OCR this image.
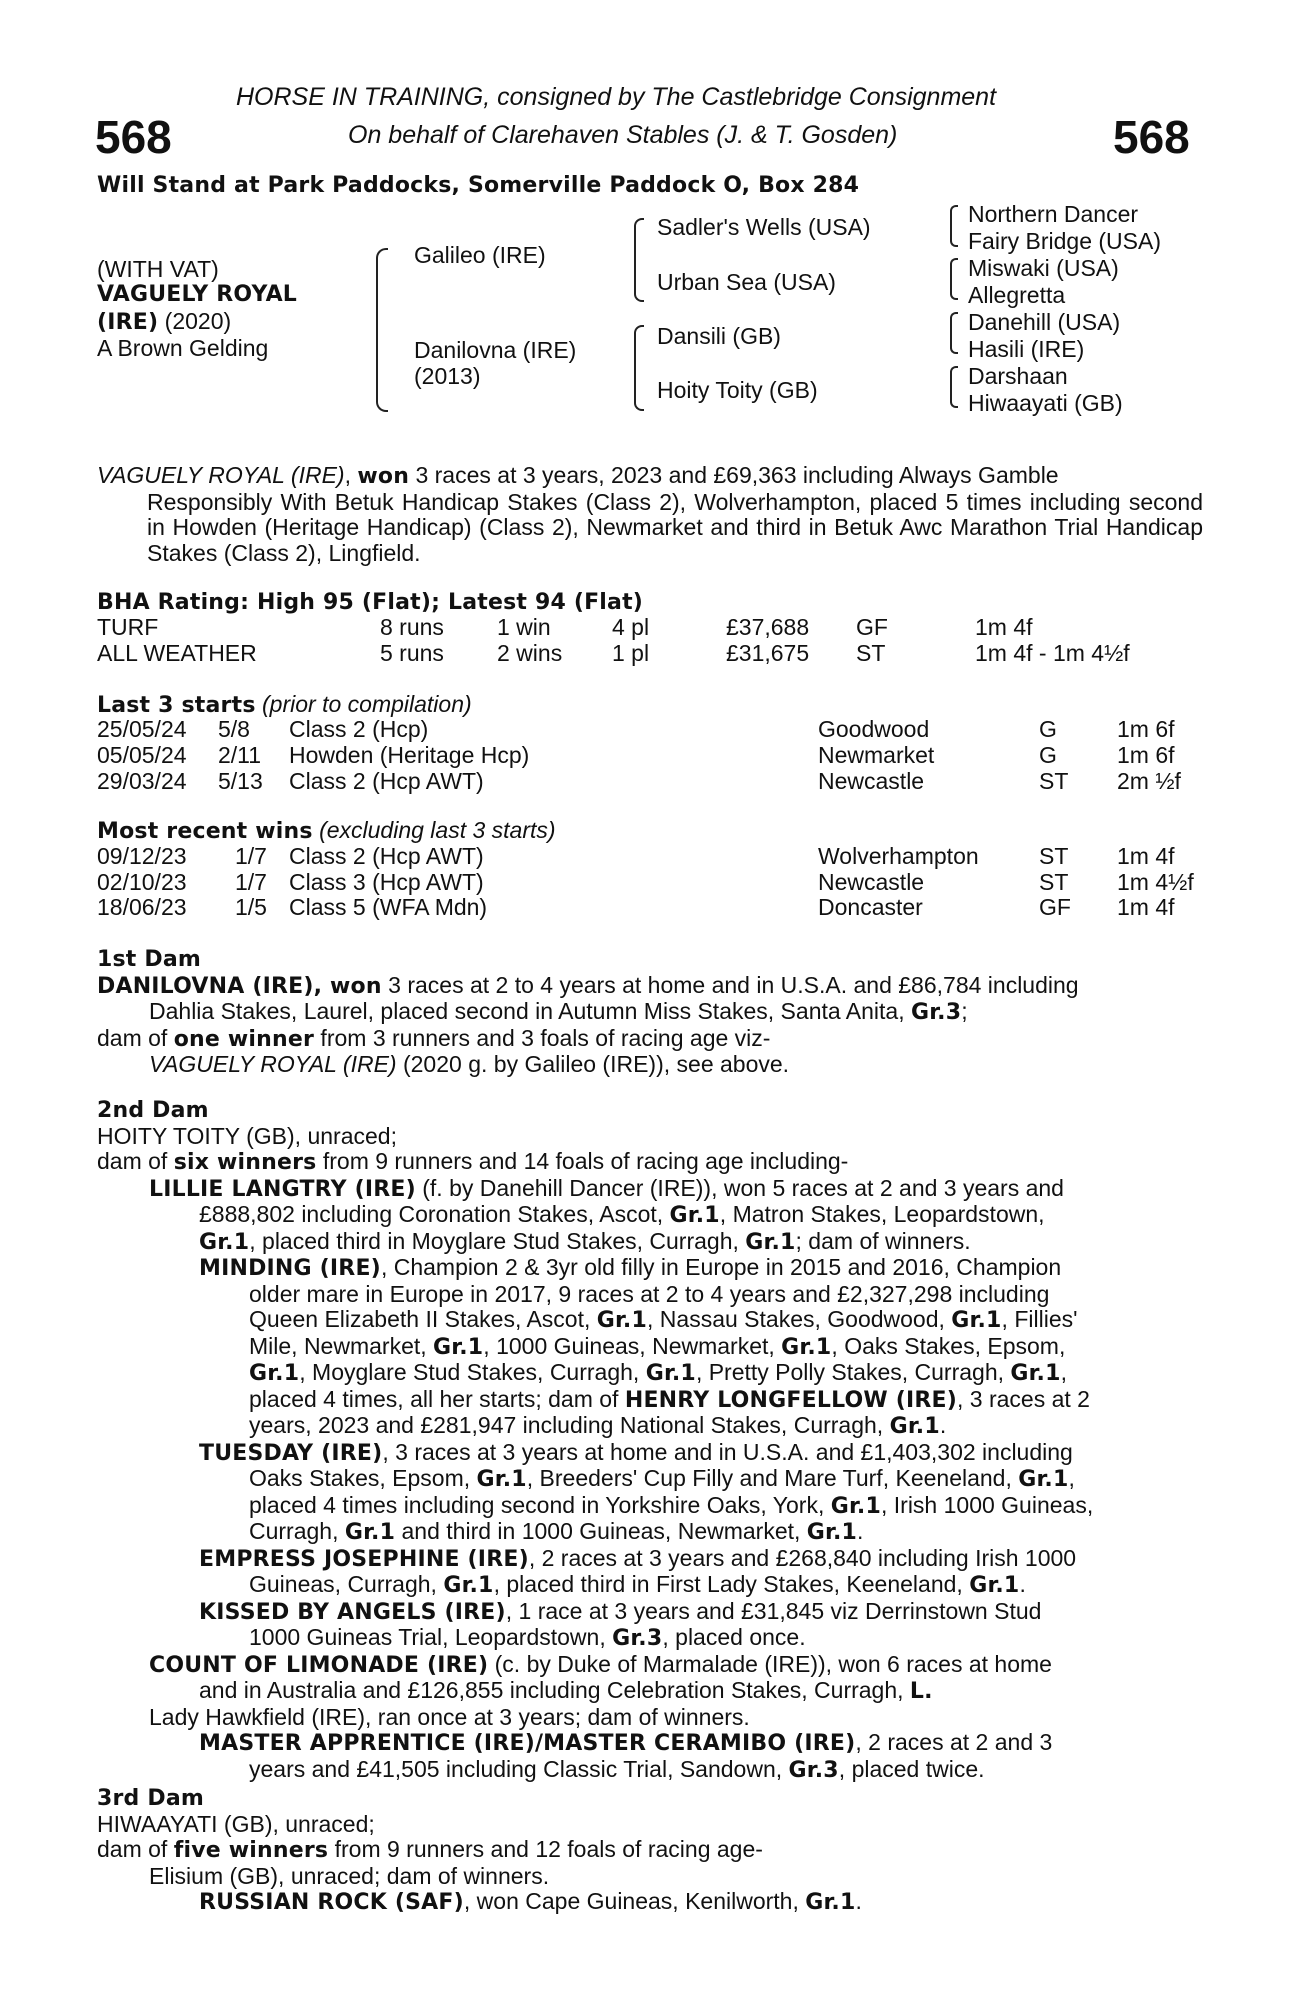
568	568
HORSE IN TRAINING, consigned by The Castlebridge Consignment
On behalf of Clarehaven Stables (J. & T. Gosden)
Will Stand at Park Paddocks, Somerville Paddock O, Box 284
(WITH VAT)
VAGUELY ROYAL
(IRE) (2020)
A Brown Gelding
Galileo (IRE)
Danilovna (IRE)
(2013)
Sadler's Wells (USA)
Urban Sea (USA)
Dansili (GB)
Hoity Toity (GB)
Northern Dancer
Fairy Bridge (USA)
Miswaki (USA)
Allegretta
Danehill (USA)
Hasili (IRE)
Darshaan
Hiwaayati (GB)

VAGUELY ROYAL (IRE), won 3 races at 3 years, 2023 and £69,363 including Always Gamble

Responsibly With Betuk Handicap Stakes (Class 2), Wolverhampton, placed 5 times including second in Howden (Heritage Handicap) (Class 2), Newmarket and third in Betuk Awc Marathon Trial Handicap Stakes (Class 2), Lingfield.

BHA Rating: High 95 (Flat); Latest 94 (Flat)
TURF	8 runs 1 win	4 pl	£37,688 GF	1m 4f
ALL WEATHER	5 runs 2 wins 1 pl	£31,675 ST	1m 4f - 1m 4½f
Last 3 starts (prior to compilation)
25/05/24 5/8 Class 2 (Hcp)	Goodwood	G	1m 6f
05/05/24 2/11 Howden (Heritage Hcp)	Newmarket	G	1m 6f
29/03/24 5/13 Class 2 (Hcp AWT)	Newcastle	ST 2m ½f
Most recent wins (excluding last 3 starts)
09/12/23 1/7 Class 2 (Hcp AWT)	Wolverhampton	ST 1m 4f
02/10/23 1/7 Class 3 (Hcp AWT)	Newcastle	ST 1m 4½f
18/06/23 1/5 Class 5 (WFA Mdn)	Doncaster	GF 1m 4f

1st Dam

DANILOVNA (IRE), won 3 races at 2 to 4 years at home and in U.S.A. and £86,784 including

Dahlia Stakes, Laurel, placed second in Autumn Miss Stakes, Santa Anita, Gr.3;

dam of one winner from 3 runners and 3 foals of racing age viz-

VAGUELY ROYAL (IRE) (2020 g. by Galileo (IRE)), see above.

2nd Dam

HOITY TOITY (GB), unraced;

dam of six winners from 9 runners and 14 foals of racing age including-

LILLIE LANGTRY (IRE) (f. by Danehill Dancer (IRE)), won 5 races at 2 and 3 years and

£888,802 including Coronation Stakes, Ascot, Gr.1, Matron Stakes, Leopardstown,

Gr.1, placed third in Moyglare Stud Stakes, Curragh, Gr.1; dam of winners.

MINDING (IRE), Champion 2 & 3yr old filly in Europe in 2015 and 2016, Champion

older mare in Europe in 2017, 9 races at 2 to 4 years and £2,327,298 including

Queen Elizabeth II Stakes, Ascot, Gr.1, Nassau Stakes, Goodwood, Gr.1, Fillies'

Mile, Newmarket, Gr.1, 1000 Guineas, Newmarket, Gr.1, Oaks Stakes, Epsom,

Gr.1, Moyglare Stud Stakes, Curragh, Gr.1, Pretty Polly Stakes, Curragh, Gr.1,

placed 4 times, all her starts; dam of HENRY LONGFELLOW (IRE), 3 races at 2

years, 2023 and £281,947 including National Stakes, Curragh, Gr.1.

TUESDAY (IRE), 3 races at 3 years at home and in U.S.A. and £1,403,302 including

Oaks Stakes, Epsom, Gr.1, Breeders' Cup Filly and Mare Turf, Keeneland, Gr.1,

placed 4 times including second in Yorkshire Oaks, York, Gr.1, Irish 1000 Guineas,

Curragh, Gr.1 and third in 1000 Guineas, Newmarket, Gr.1.

EMPRESS JOSEPHINE (IRE), 2 races at 3 years and £268,840 including Irish 1000

Guineas, Curragh, Gr.1, placed third in First Lady Stakes, Keeneland, Gr.1.

KISSED BY ANGELS (IRE), 1 race at 3 years and £31,845 viz Derrinstown Stud

1000 Guineas Trial, Leopardstown, Gr.3, placed once.

COUNT OF LIMONADE (IRE) (c. by Duke of Marmalade (IRE)), won 6 races at home

and in Australia and £126,855 including Celebration Stakes, Curragh, L.

Lady Hawkfield (IRE), ran once at 3 years; dam of winners.

MASTER APPRENTICE (IRE)/MASTER CERAMIBO (IRE), 2 races at 2 and 3

years and £41,505 including Classic Trial, Sandown, Gr.3, placed twice.

3rd Dam

HIWAAYATI (GB), unraced;

dam of five winners from 9 runners and 12 foals of racing age-

Elisium (GB), unraced; dam of winners.

RUSSIAN ROCK (SAF), won Cape Guineas, Kenilworth, Gr.1.
